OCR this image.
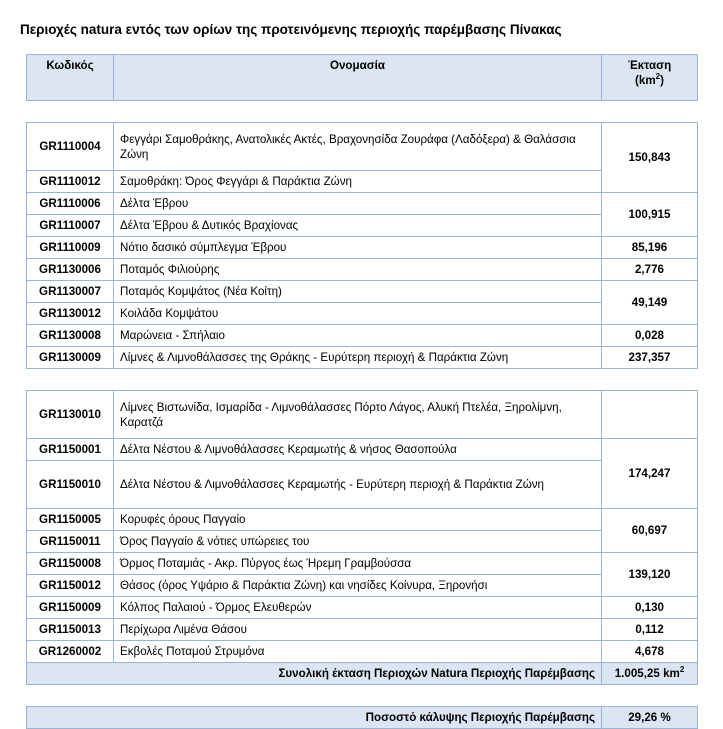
Περιοχές natura εντός των ορίων της προτεινόμενης περιοχής παρέμβασης Πίνακας
Κωδικός	Ονομασία	Έκταση
$(km^2)$

GR1110004	Φεγγάρι Σαμοθράκης, Ανατολικές Ακτές, Βραχονησίδα Ζουράφα (Λαδόξερα) & Θαλάσσια Ζώνη	150,843
GR1110012	Σαμοθράκη: Όρος Φεγγάρι & Παράκτια Ζώνη	
GR1110006	Δέλτα Έβρου	100,915
GR1110007	Δέλτα Έβρου & Δυτικός Βραχίονας	
GR1110009	Νότιο δασικό σύμπλεγμα Έβρου	85,196
GR1130006	Ποταμός Φιλιούρης	2,776
GR1130007	Ποταμός Κομψάτος (Νέα Κοίτη)	49,149
GR1130012	Κοιλάδα Κομψάτου	
GR1130008	Μαρώνεια - Σπήλαιο	0,028
GR1130009	Λίμνες & Λιμνοθάλασσες της Θράκης - Ευρύτερη περιοχή & Παράκτια Ζώνη	237,357

GR1130010	Λίμνες Βιστωνίδα, Ισμαρίδα - Λιμνοθάλασσες Πόρτο Λάγος, Αλυκή Πτελέα, Ξηρολίμνη, Καρατζά	
GR1150001	Δέλτα Νέστου & Λιμνοθάλασσες Κεραμωτής & νήσος Θασοπούλα	174,247
GR1150010	Δέλτα Νέστου & Λιμνοθάλασσες Κεραμωτής - Ευρύτερη περιοχή & Παράκτια Ζώνη	
GR1150005	Κορυφές όρους Παγγαίο	60,697
GR1150011	Όρος Παγγαίο & νότιες υπώρειες του	
GR1150008	Όρμος Ποταμιάς - Ακρ. Πύργος έως Ήρεμη Γραμβούσσα	139,120
GR1150012	Θάσος (όρος Υψάριο & Παράκτια Ζώνη) και νησίδες Κοίνυρα, Ξηρονήσι	
GR1150009	Κόλπος Παλαιού - Όρμος Ελευθερών	0,130
GR1150013	Περίχωρα Λιμένα Θάσου	0,112
GR1260002	Εκβολές Ποταμού Στρυμόνα	4,678
Συνολική έκταση Περιοχών Natura Περιοχής Παρέμβασης		1.005,25 $km^2$

Ποσοστό κάλυψης Περιοχής Παρέμβασης		29,26 %
